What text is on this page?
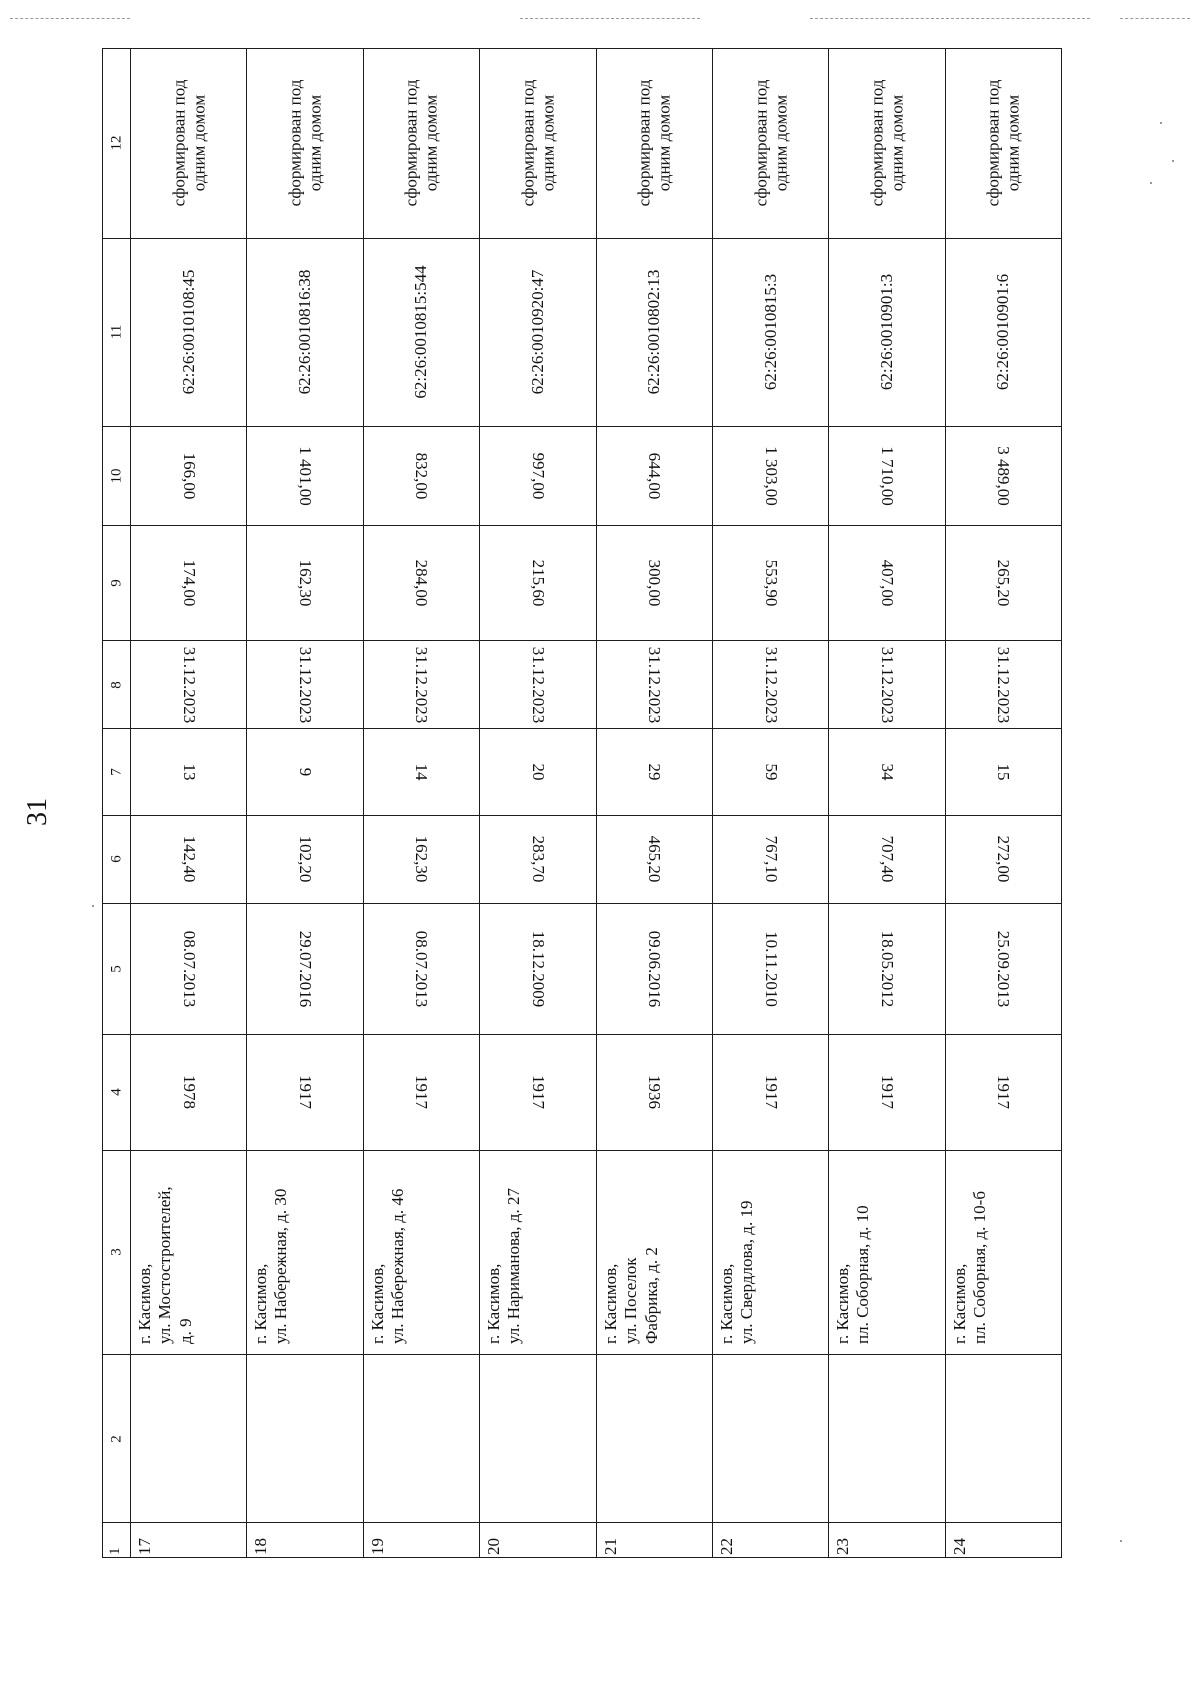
31
12
11
10
9
8
7
6
5
4
3
2
1
сформирован под одним домом
62:26:0010108:45
166,00
174,00
31.12.2023
13
142,40
08.07.2013
1978
г. Касимов, ул. Мостостроителей, д. 9
17
сформирован под одним домом
62:26:0010816:38
1 401,00
162,30
31.12.2023
9
102,20
29.07.2016
1917
г. Касимов, ул. Набережная, д. 30
18
сформирован под одним домом
62:26:0010815:544
832,00
284,00
31.12.2023
14
162,30
08.07.2013
1917
г. Касимов, ул. Набережная, д. 46
19
сформирован под одним домом
62:26:0010920:47
997,00
215,60
31.12.2023
20
283,70
18.12.2009
1917
г. Касимов, ул. Нариманова, д. 27
20
сформирован под одним домом
62:26:0010802:13
644,00
300,00
31.12.2023
29
465,20
09.06.2016
1936
г. Касимов, ул. Поселок Фабрика, д. 2
21
сформирован под одним домом
62:26:0010815:3
1 303,00
553,90
31.12.2023
59
767,10
10.11.2010
1917
г. Касимов, ул. Свердлова, д. 19
22
сформирован под одним домом
62:26:0010901:3
1 710,00
407,00
31.12.2023
34
707,40
18.05.2012
1917
г. Касимов, пл. Соборная, д. 10
23
сформирован под одним домом
62:26:0010901:6
3 489,00
265,20
31.12.2023
15
272,00
25.09.2013
1917
г. Касимов, пл. Соборная, д. 10-б
24
